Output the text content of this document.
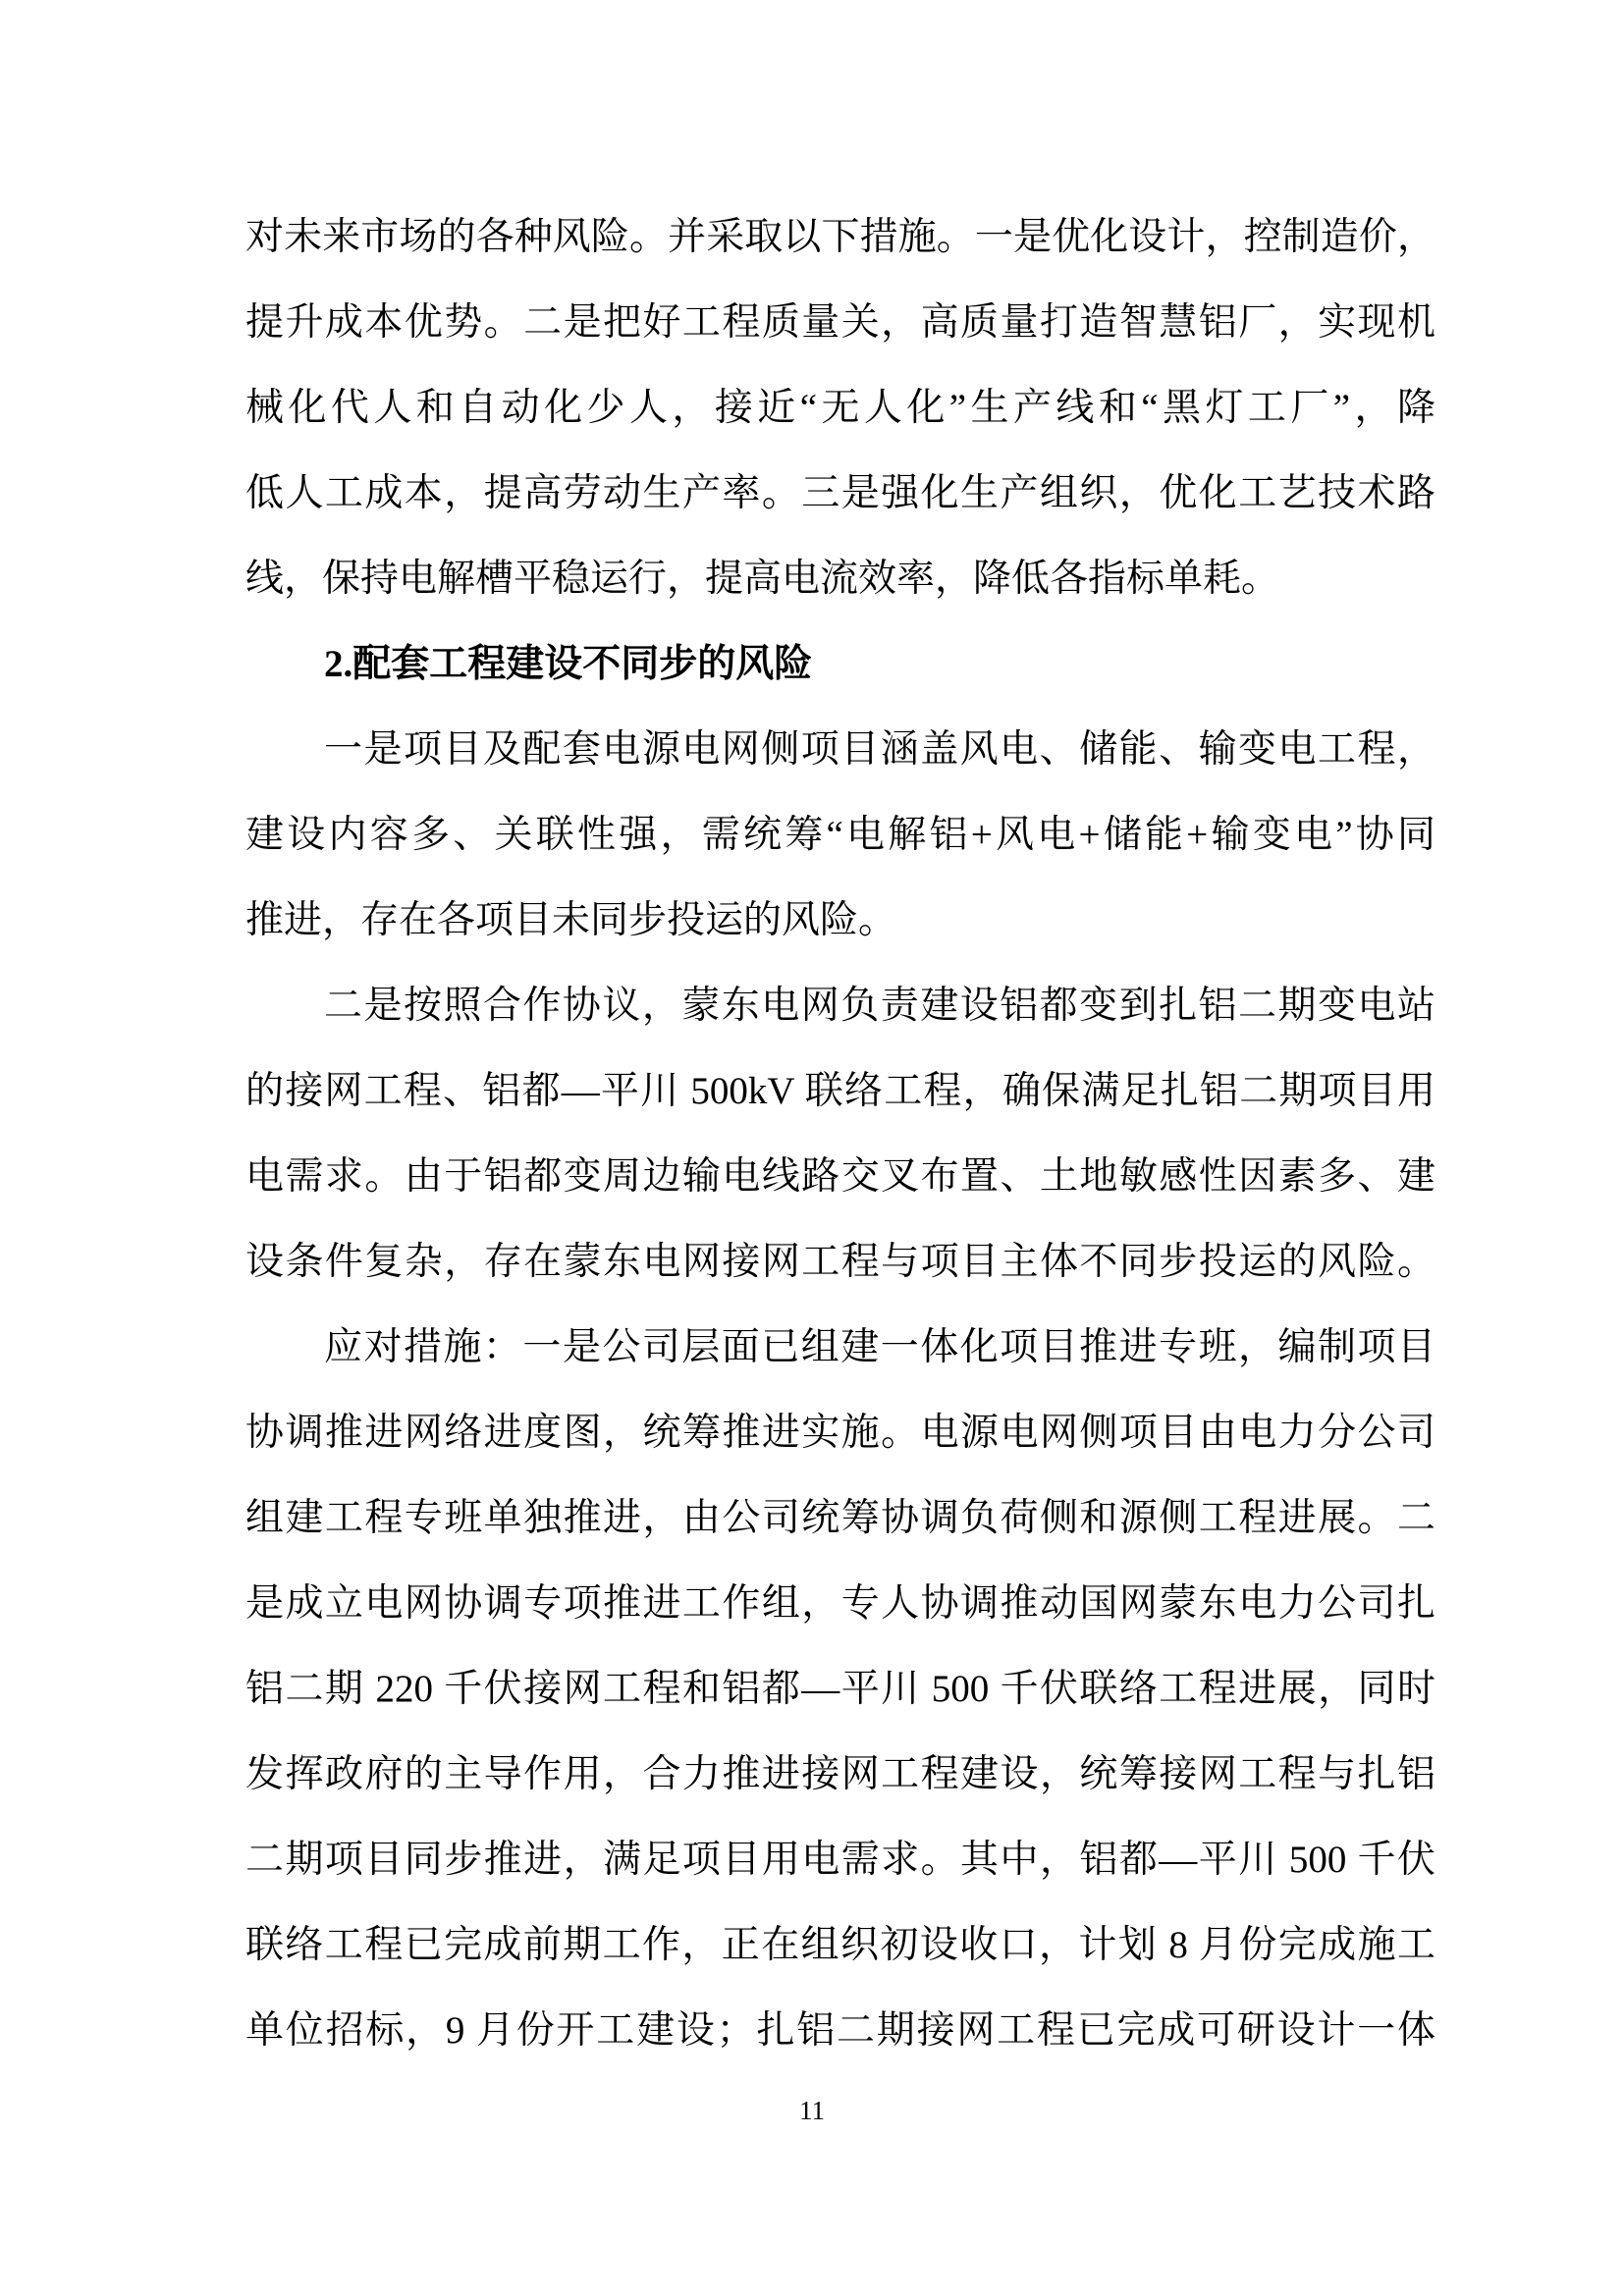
对未来市场的各种风险。并采取以下措施。一是优化设计，控制造价，
提升成本优势。二是把好工程质量关，高质量打造智慧铝厂，实现机
械化代人和自动化少人，接近“无人化”生产线和“黑灯工厂”，降
低人工成本，提高劳动生产率。三是强化生产组织，优化工艺技术路
线，保持电解槽平稳运行，提高电流效率，降低各指标单耗。
2.配套工程建设不同步的风险
一是项目及配套电源电网侧项目涵盖风电、储能、输变电工程，
建设内容多、关联性强，需统筹“电解铝+风电+储能+输变电”协同
推进，存在各项目未同步投运的风险。
二是按照合作协议，蒙东电网负责建设铝都变到扎铝二期变电站
的接网工程、铝都—平川 500kV 联络工程，确保满足扎铝二期项目用
电需求。由于铝都变周边输电线路交叉布置、土地敏感性因素多、建
设条件复杂，存在蒙东电网接网工程与项目主体不同步投运的风险。
应对措施：一是公司层面已组建一体化项目推进专班，编制项目
协调推进网络进度图，统筹推进实施。电源电网侧项目由电力分公司
组建工程专班单独推进，由公司统筹协调负荷侧和源侧工程进展。二
是成立电网协调专项推进工作组，专人协调推动国网蒙东电力公司扎
铝二期 220 千伏接网工程和铝都—平川 500 千伏联络工程进展，同时
发挥政府的主导作用，合力推进接网工程建设，统筹接网工程与扎铝
二期项目同步推进，满足项目用电需求。其中，铝都—平川 500 千伏
联络工程已完成前期工作，正在组织初设收口，计划 8 月份完成施工
单位招标，9 月份开工建设；扎铝二期接网工程已完成可研设计一体
11
